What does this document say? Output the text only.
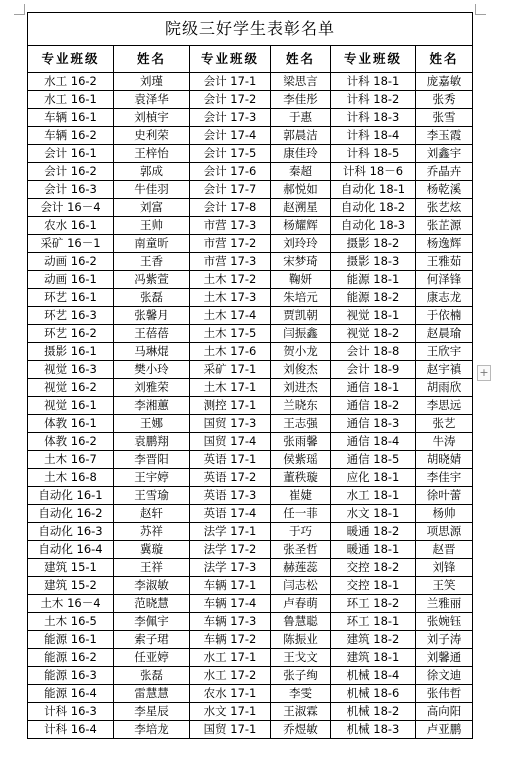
院级三好学生表彰名单					
专业班级	姓名	专业班级	姓名	专业班级	姓名
水工 16-2	刘瑾	会计 17-1	梁思言	计科 18-1	庞嘉敏
水工 16-1	袁泽华	会计 17-2	李佳彤	计科 18-2	张秀
车辆 16-1	刘楨宇	会计 17-3	于惠	计科 18-3	张雪
车辆 16-2	史利荣	会计 17-4	郭晨洁	计科 18-4	李玉霞
会计 16-1	王梓怡	会计 17-5	康佳玲	计科 18-5	刘鑫宇
会计 16-2	郭成	会计 17-6	秦超	计科 18－6	乔晶卉
会计 16-3	牛佳羽	会计 17-7	郝悦如	自动化 18-1	杨乾溪
会计 16－4	刘富	会计 17-8	赵溯星	自动化 18-2	张艺炫
农水 16-1	王帅	市营 17-3	杨耀辉	自动化 18-3	张芷源
采矿 16－1	南童昕	市营 17-2	刘玲玲	摄影 18-2	杨逸辉
动画 16-2	王香	市营 17-3	宋梦琦	摄影 18-3	王雅茹
动画 16-1	冯紫萱	土木 17-2	鞠妍	能源 18-1	何泽锋
环艺 16-1	张磊	土木 17-3	朱培元	能源 18-2	康志龙
环艺 16-3	张馨月	土木 17-4	贾凯朝	视觉 18-1	于依楠
环艺 16-2	王蓓蓓	土木 17-5	闫振鑫	视觉 18-2	赵晨瑜
摄影 16-1	马琳焜	土木 17-6	贺小龙	会计 18-8	王欣宇
视觉 16-3	樊小玲	采矿 17-1	刘俊杰	会计 18-9	赵宇禛
视觉 16-2	刘雅荣	土木 17-1	刘进杰	通信 18-1	胡雨欣
视觉 16-1	李湘蕙	测控 17-1	兰晓东	通信 18-2	李思远
体教 16-1	王娜	国贸 17-3	王志强	通信 18-3	张艺
体教 16-2	袁鹏翔	国贸 17-4	张雨馨	通信 18-4	牛涛
土木 16-7	李晋阳	英语 17-1	侯紫瑶	通信 18-5	胡晓婧
土木 16-8	王宇婷	英语 17-2	董秩璇	应化 18-1	李佳宇
自动化 16-1	王雪瑜	英语 17-3	崔婕	水工 18-1	徐叶蕾
自动化 16-2	赵轩	英语 17-4	任一菲	水文 18-1	杨帅
自动化 16-3	苏祥	法学 17-1	于巧	暖通 18-2	项思源
自动化 16-4	冀璇	法学 17-2	张圣哲	暖通 18-1	赵晋
建筑 15-1	王祥	法学 17-3	赫莲蕊	交控 18-2	刘锋
建筑 15-2	李淑敏	车辆 17-1	闫志松	交控 18-1	王笑
土木 16－4	范晓慧	车辆 17-4	卢春萌	环工 18-2	兰雅丽
土木 16-5	李佩宇	车辆 17-3	鲁慧聪	环工 18-1	张婉钰
能源 16-1	索子珺	车辆 17-2	陈振业	建筑 18-2	刘子涛
能源 16-2	任亚婷	水工 17-1	王戈文	建筑 18-1	刘馨通
能源 16-3	张磊	水工 17-2	张子绚	机械 18-4	徐文迪
能源 16-4	雷慧慧	农水 17-1	李雯	机械 18-6	张伟哲
计科 16-3	李星辰	水文 17-1	王淑霖	机械 18-2	高向阳
计科 16-4	李培龙	国贸 17-1	乔煜敏	机械 18-3	卢亚鹏
+
